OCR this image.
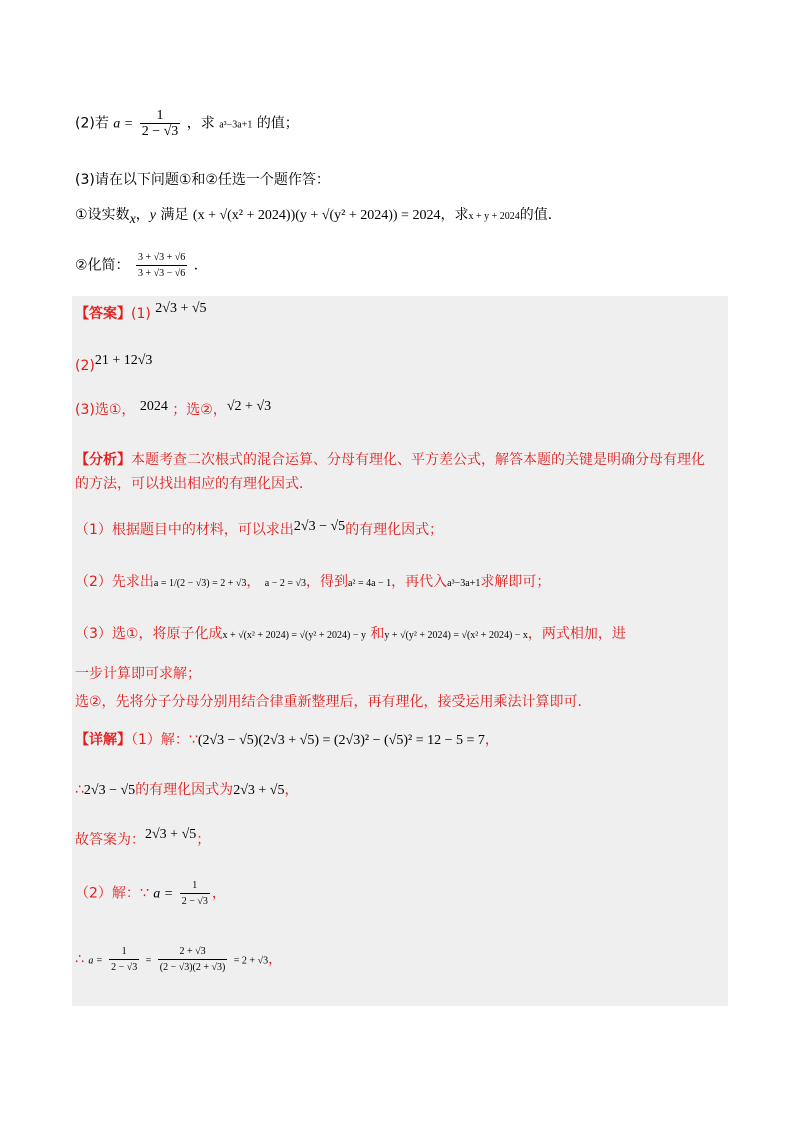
(2)若 $a = \frac{1}{2 - √3}$ ，求 a³−3a+1 的值；
(3)请在以下问题①和②任选一个题作答：
①设实数x，y 满足 (x + √(x² + 2024))(y + √(y² + 2024)) = 2024，求x + y + 2024的值．
②化简： $\frac{3 + √3 + √6}{3 + √3 - √6}$ ．
【答案】(1) 2√3 + √5
(2)21 + 12√3
(3)选①， 2024 ；选②，√2 + √3
【分析】本题考查二次根式的混合运算、分母有理化、平方差公式，解答本题的关键是明确分母有理化的方法，可以找出相应的有理化因式．
（1）根据题目中的材料，可以求出2√3 − √5的有理化因式；
（2）先求出a = 1/(2 − √3) = 2 + √3， a − 2 = √3，得到a² = 4a − 1，再代入a³−3a+1求解即可；
（3）选①，将原子化成x + √(x² + 2024) = √(y² + 2024) − y 和y + √(y² + 2024) = √(x² + 2024) − x，两式相加，进
一步计算即可求解；
选②，先将分子分母分别用结合律重新整理后，再有理化，接受运用乘法计算即可．
【详解】（1）解：∵(2√3 − √5)(2√3 + √5) = (2√3)² − (√5)² = 12 − 5 = 7，
∴2√3 − √5的有理化因式为2√3 + √5，
故答案为：2√3 + √5；
（2）解：∵ $a = \frac{1}{2 - √3}$ ，
∴ $a = \frac{1}{2 - √3} = \frac{2 + √3}{(2 - √3)(2 + √3)} = 2 + √3$，
